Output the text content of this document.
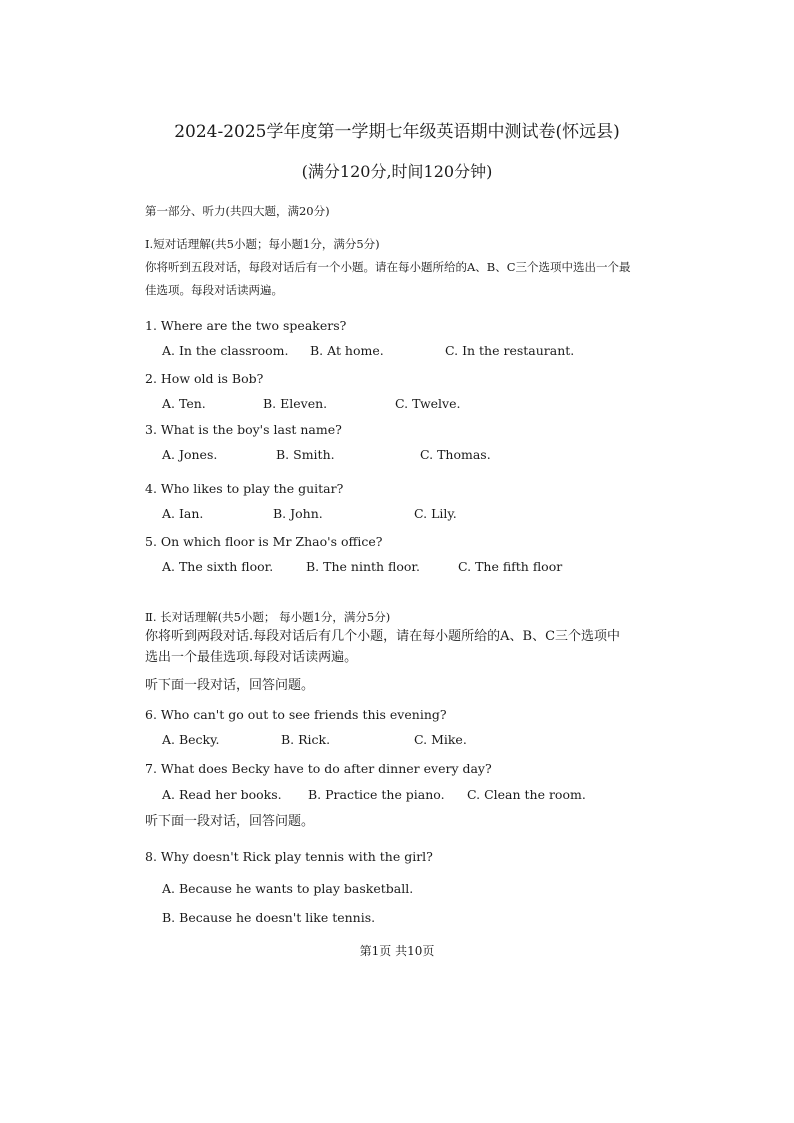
2024-2025学年度第一学期七年级英语期中测试卷(怀远县)
(满分120分,时间120分钟)
第一部分、听力(共四大题，满20分)
Ⅰ.短对话理解(共5小题；每小题1分，满分5分)
你将听到五段对话，每段对话后有一个小题。请在每小题所给的A、B、C三个选项中选出一个最
佳选项。每段对话读两遍。
1. Where are the two speakers?
A. In the classroom. B. At home.	C. In the restaurant.
2. How old is Bob?
A. Ten.	B. Eleven.	C. Twelve.
3. What is the boy's last name?
A. Jones.	B. Smith.	C. Thomas.
4. Who likes to play the guitar?
A. Ian.	B. John.	C. Lily.
5. On which floor is Mr Zhao's office?
A. The sixth floor.	B. The ninth floor.	C. The fifth floor
Ⅱ. 长对话理解(共5小题； 每小题1分，满分5分)
你将听到两段对话.每段对话后有几个小题，请在每小题所给的A、B、C三个选项中
选出一个最佳选项.每段对话读两遍。
听下面一段对话，回答问题。
6. Who can't go out to see friends this evening?
A. Becky.	B. Rick.	C. Mike.
7. What does Becky have to do after dinner every day?
A. Read her books. B. Practice the piano. C. Clean the room.
听下面一段对话，回答问题。
8. Why doesn't Rick play tennis with the girl?
A. Because he wants to play basketball.
B. Because he doesn't like tennis.
第1页 共10页
